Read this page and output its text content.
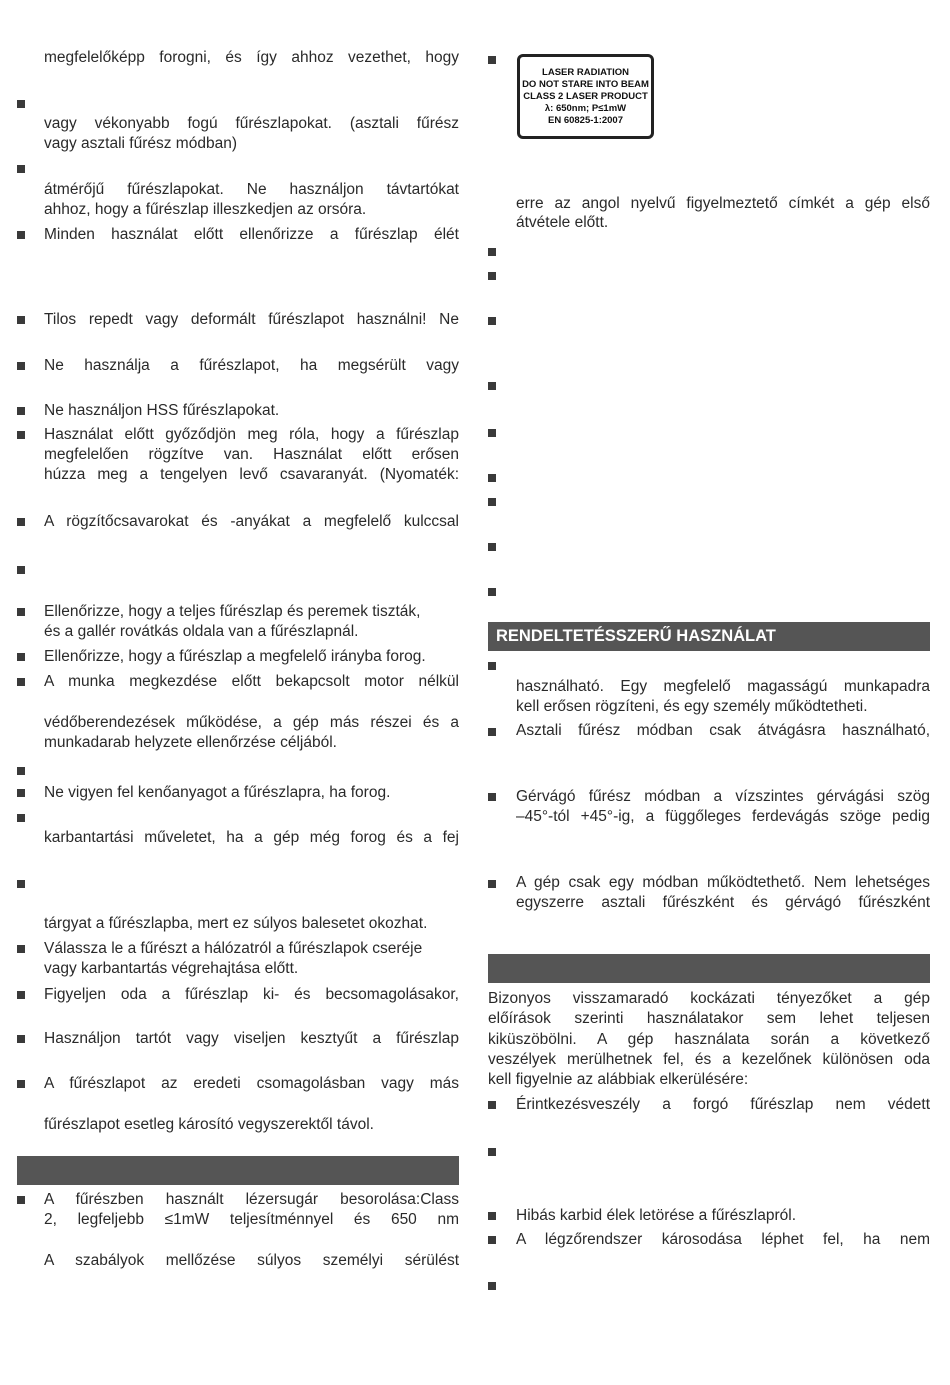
megfelelőképp forogni, és így ahhoz vezethet, hogy
vagy vékonyabb fogú fűrészlapokat. (asztali fűrész
vagy asztali fűrész módban)
átmérőjű fűrészlapokat. Ne használjon távtartókat
ahhoz, hogy a fűrészlap illeszkedjen az orsóra.
Minden használat előtt ellenőrizze a fűrészlap élét
Tilos repedt vagy deformált fűrészlapot használni! Ne
Ne használja a fűrészlapot, ha megsérült vagy
Ne használjon HSS fűrészlapokat.
Használat előtt győződjön meg róla, hogy a fűrészlap
megfelelően rögzítve van. Használat előtt erősen
húzza meg a tengelyen levő csavaranyát. (Nyomaték:
A rögzítőcsavarokat és -anyákat a megfelelő kulccsal
Ellenőrizze, hogy a teljes fűrészlap és peremek tiszták,
és a gallér rovátkás oldala van a fűrészlapnál.
Ellenőrizze, hogy a fűrészlap a megfelelő irányba forog.
A munka megkezdése előtt bekapcsolt motor nélkül
védőberendezések működése, a gép más részei és a
munkadarab helyzete ellenőrzése céljából.
Ne vigyen fel kenőanyagot a fűrészlapra, ha forog.
karbantartási műveletet, ha a gép még forog és a fej
tárgyat a fűrészlapba, mert ez súlyos balesetet okozhat.
Válassza le a fűrészt a hálózatról a fűrészlapok cseréje
vagy karbantartás végrehajtása előtt.
Figyeljen oda a fűrészlap ki- és becsomagolásakor,
Használjon tartót vagy viseljen kesztyűt a fűrészlap
A fűrészlapot az eredeti csomagolásban vagy más
fűrészlapot esetleg károsító vegyszerektől távol.
A fűrészben használt lézersugár besorolása:Class
2, legfeljebb ≤1mW teljesítménnyel és 650 nm
A szabályok mellőzése súlyos személyi sérülést
LASER RADIATION
DO NOT STARE INTO BEAM
CLASS 2 LASER PRODUCT
λ: 650nm; P≤1mW
EN 60825-1:2007
erre az angol nyelvű figyelmeztető címkét a gép első
átvétele előtt.
RENDELTETÉSSZERŰ HASZNÁLAT
használható. Egy megfelelő magasságú munkapadra
kell erősen rögzíteni, és egy személy működtetheti.
Asztali fűrész módban csak átvágásra használható,
Gérvágó fűrész módban a vízszintes gérvágási szög
–45°-tól +45°-ig, a függőleges ferdevágás szöge pedig
A gép csak egy módban működtethető. Nem lehetséges
egyszerre asztali fűrészként és gérvágó fűrészként
Bizonyos visszamaradó kockázati tényezőket a gép
előírások szerinti használatakor sem lehet teljesen
kiküszöbölni. A gép használata során a következő
veszélyek merülhetnek fel, és a kezelőnek különösen oda
kell figyelnie az alábbiak elkerülésére:
Érintkezésveszély a forgó fűrészlap nem védett
Hibás karbid élek letörése a fűrészlapról.
A légzőrendszer károsodása léphet fel, ha nem
